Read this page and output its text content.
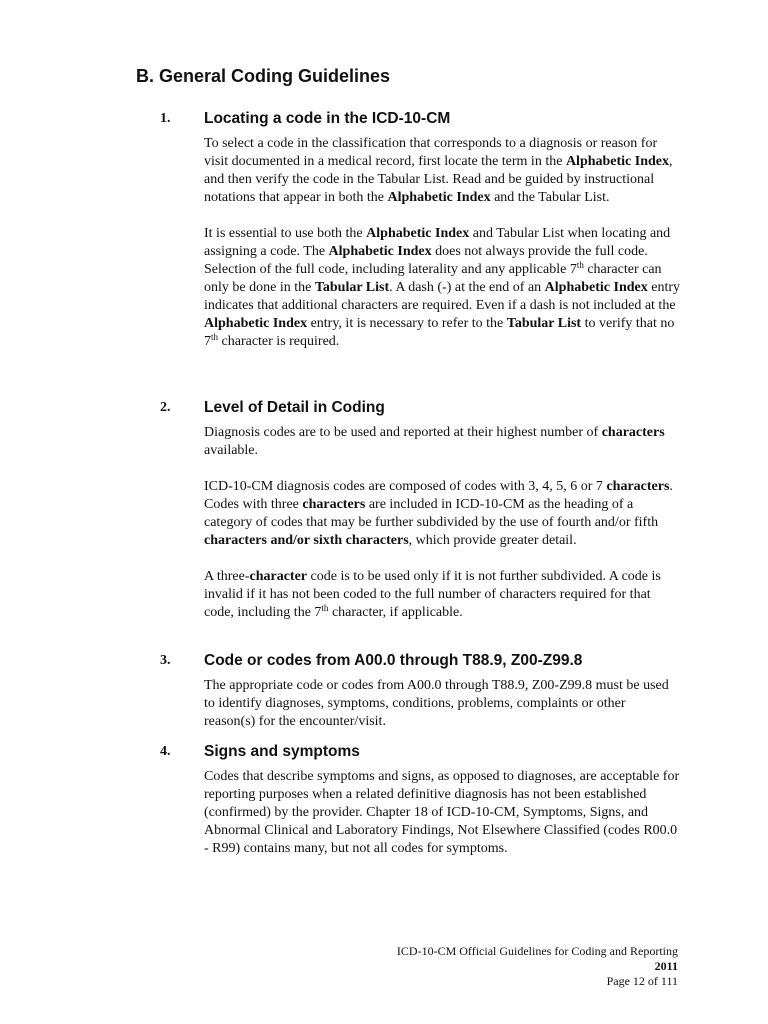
B. General Coding Guidelines
1. Locating a code in the ICD-10-CM

To select a code in the classification that corresponds to a diagnosis or reason for visit documented in a medical record, first locate the term in the Alphabetic Index, and then verify the code in the Tabular List. Read and be guided by instructional notations that appear in both the Alphabetic Index and the Tabular List.

It is essential to use both the Alphabetic Index and Tabular List when locating and assigning a code. The Alphabetic Index does not always provide the full code. Selection of the full code, including laterality and any applicable 7th character can only be done in the Tabular List. A dash (-) at the end of an Alphabetic Index entry indicates that additional characters are required. Even if a dash is not included at the Alphabetic Index entry, it is necessary to refer to the Tabular List to verify that no 7th character is required.

2. Level of Detail in Coding

Diagnosis codes are to be used and reported at their highest number of characters available.

ICD-10-CM diagnosis codes are composed of codes with 3, 4, 5, 6 or 7 characters. Codes with three characters are included in ICD-10-CM as the heading of a category of codes that may be further subdivided by the use of fourth and/or fifth characters and/or sixth characters, which provide greater detail.

A three-character code is to be used only if it is not further subdivided. A code is invalid if it has not been coded to the full number of characters required for that code, including the 7th character, if applicable.

3. Code or codes from A00.0 through T88.9, Z00-Z99.8

The appropriate code or codes from A00.0 through T88.9, Z00-Z99.8 must be used to identify diagnoses, symptoms, conditions, problems, complaints or other reason(s) for the encounter/visit.

4. Signs and symptoms

Codes that describe symptoms and signs, as opposed to diagnoses, are acceptable for reporting purposes when a related definitive diagnosis has not been established (confirmed) by the provider. Chapter 18 of ICD-10-CM, Symptoms, Signs, and Abnormal Clinical and Laboratory Findings, Not Elsewhere Classified (codes R00.0 - R99) contains many, but not all codes for symptoms.

ICD-10-CM Official Guidelines for Coding and Reporting
2011
Page 12 of 111
